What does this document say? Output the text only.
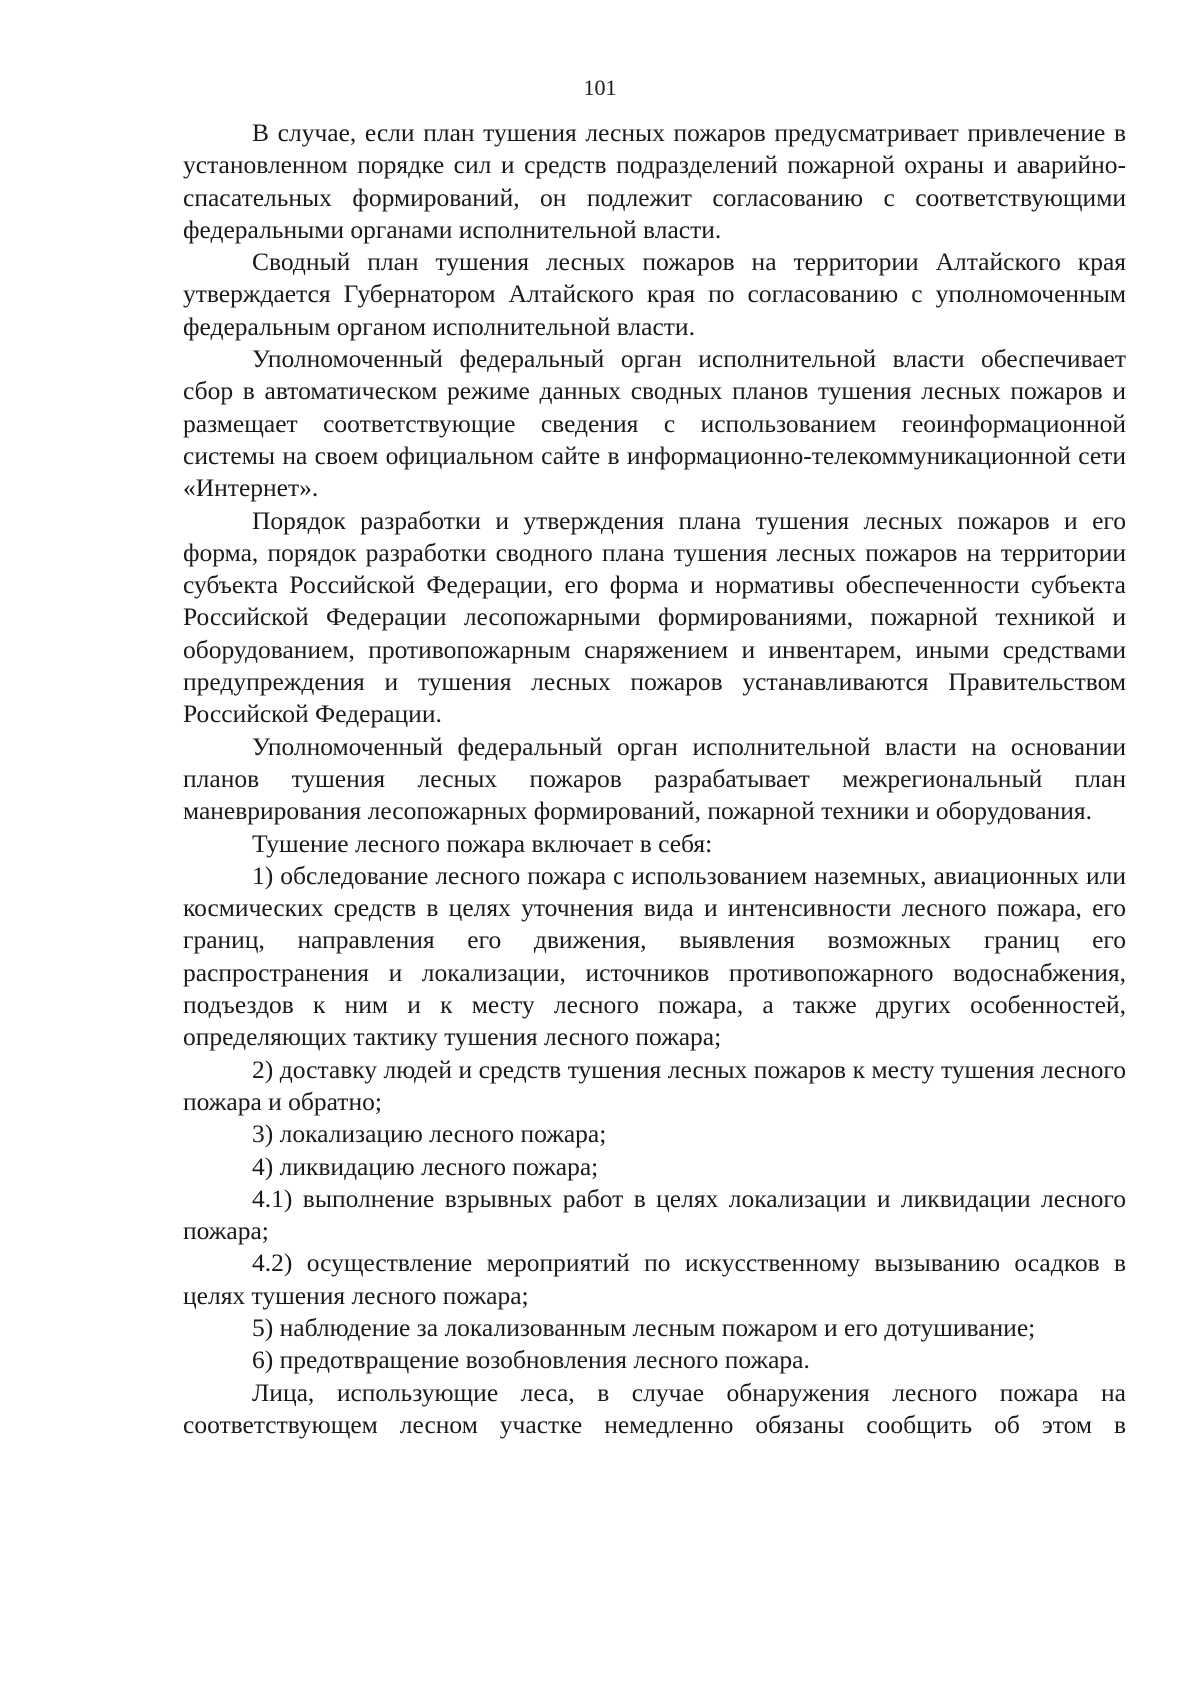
101

В случае, если план тушения лесных пожаров предусматривает привлечение в установленном порядке сил и средств подразделений пожарной охраны и аварийно-спасательных формирований, он подлежит согласованию с соответствующими федеральными органами исполнительной власти.

Сводный план тушения лесных пожаров на территории Алтайского края утверждается Губернатором Алтайского края по согласованию с уполномоченным федеральным органом исполнительной власти.

Уполномоченный федеральный орган исполнительной власти обеспечивает сбор в автоматическом режиме данных сводных планов тушения лесных пожаров и размещает соответствующие сведения с использованием геоинформационной системы на своем официальном сайте в информационно-телекоммуникационной сети «Интернет».

Порядок разработки и утверждения плана тушения лесных пожаров и его форма, порядок разработки сводного плана тушения лесных пожаров на территории субъекта Российской Федерации, его форма и нормативы обеспеченности субъекта Российской Федерации лесопожарными формированиями, пожарной техникой и оборудованием, противопожарным снаряжением и инвентарем, иными средствами предупреждения и тушения лесных пожаров устанавливаются Правительством Российской Федерации.

Уполномоченный федеральный орган исполнительной власти на основании планов тушения лесных пожаров разрабатывает межрегиональный план маневрирования лесопожарных формирований, пожарной техники и оборудования.

Тушение лесного пожара включает в себя:

1) обследование лесного пожара с использованием наземных, авиационных или космических средств в целях уточнения вида и интенсивности лесного пожара, его границ, направления его движения, выявления возможных границ его распространения и локализации, источников противопожарного водоснабжения, подъездов к ним и к месту лесного пожара, а также других особенностей, определяющих тактику тушения лесного пожара;

2) доставку людей и средств тушения лесных пожаров к месту тушения лесного пожара и обратно;

3) локализацию лесного пожара;

4) ликвидацию лесного пожара;

4.1) выполнение взрывных работ в целях локализации и ликвидации лесного пожара;

4.2) осуществление мероприятий по искусственному вызыванию осадков в целях тушения лесного пожара;

5) наблюдение за локализованным лесным пожаром и его дотушивание;

6) предотвращение возобновления лесного пожара.

Лица, использующие леса, в случае обнаружения лесного пожара на соответствующем лесном участке немедленно обязаны сообщить об этом в
